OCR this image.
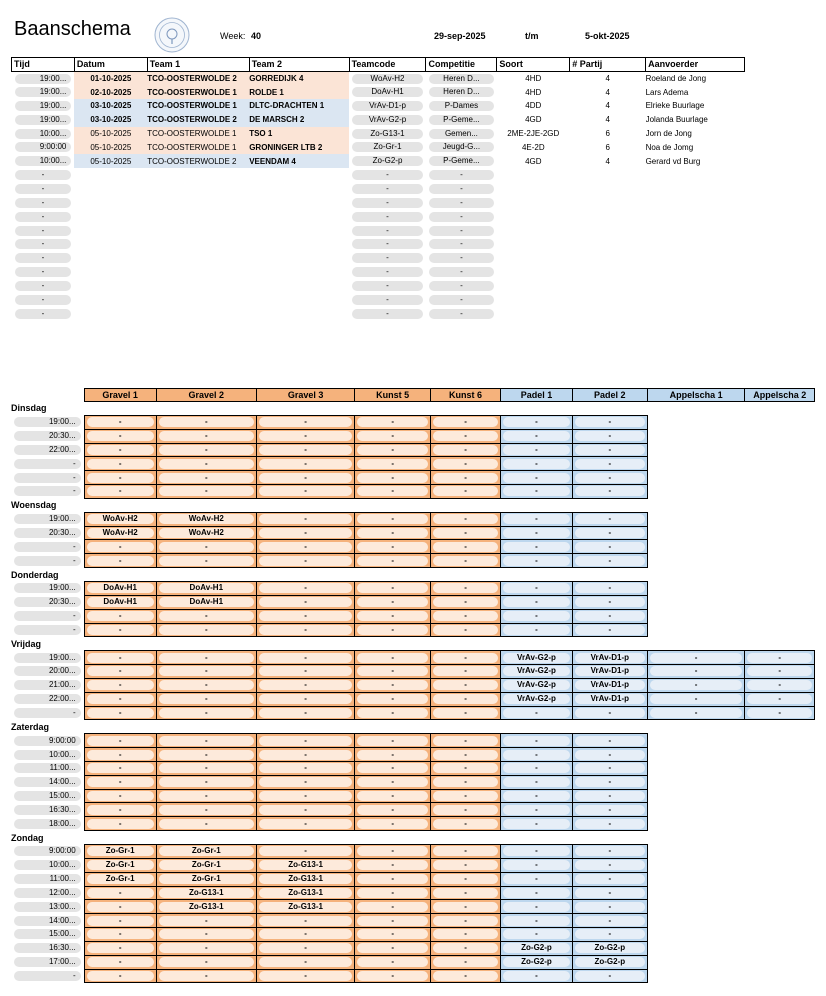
Baanschema	Week: 40	29-sep-2025	t/m	5-okt-2025
Tijd	Datum	Team 1	Team 2	Teamcode	Competitie	Soort	# Partij	Aanvoerder

19:00...	01-10-2025	TCO-OOSTERWOLDE 2	GORREDIJK 4	WoAv-H2	Heren D...	4HD	4	Roeland de Jong

19:00...	02-10-2025	TCO-OOSTERWOLDE 1	ROLDE 1	DoAv-H1	Heren D...	4HD	4	Lars Adema

19:00...	03-10-2025	TCO-OOSTERWOLDE 1	DLTC-DRACHTEN 1	VrAv-D1-p	P-Dames	4DD	4	Elrieke Buurlage

19:00...	03-10-2025	TCO-OOSTERWOLDE 2	DE MARSCH 2	VrAv-G2-p	P-Geme...	4GD	4	Jolanda Buurlage

10:00...	05-10-2025	TCO-OOSTERWOLDE 1	TSO 1	Zo-G13-1	Gemen...	2ME-2JE-2GD	6	Jorn de Jong

9:00:00	05-10-2025	TCO-OOSTERWOLDE 1	GRONINGER LTB 2	Zo-Gr-1	Jeugd-G...	4E-2D	6	Noa de Jomg

10:00...	05-10-2025	TCO-OOSTERWOLDE 2	VEENDAM 4	Zo-G2-p	P-Geme...	4GD	4	Gerard vd Burg

-				-	-			

-				-	-			

-				-	-			

-				-	-			

-				-	-			

-				-	-			

-				-	-			

-				-	-			

-				-	-			

-				-	-			

-				-	-			

	Gravel 1	Gravel 2	Gravel 3	Kunst 5	Kunst 6	Padel 1	Padel 2	Appelscha 1	Appelscha 2
Dinsdag									

19:00...	-	-	-	-	-	-	-		

20:30...	-	-	-	-	-	-	-		

22:00...	-	-	-	-	-	-	-		

-	-	-	-	-	-	-	-		

-	-	-	-	-	-	-	-		

-	-	-	-	-	-	-	-		

Woensdag									

19:00...	WoAv-H2	WoAv-H2	-	-	-	-	-		

20:30...	WoAv-H2	WoAv-H2	-	-	-	-	-		

-	-	-	-	-	-	-	-		

-	-	-	-	-	-	-	-		

Donderdag									

19:00...	DoAv-H1	DoAv-H1	-	-	-	-	-		

20:30...	DoAv-H1	DoAv-H1	-	-	-	-	-		

-	-	-	-	-	-	-	-		

-	-	-	-	-	-	-	-		

Vrijdag									

19:00...	-	-	-	-	-	VrAv-G2-p	VrAv-D1-p	-	-

20:00...	-	-	-	-	-	VrAv-G2-p	VrAv-D1-p	-	-

21:00...	-	-	-	-	-	VrAv-G2-p	VrAv-D1-p	-	-

22:00...	-	-	-	-	-	VrAv-G2-p	VrAv-D1-p	-	-

-	-	-	-	-	-	-	-	-	-

Zaterdag									

9:00:00	-	-	-	-	-	-	-		

10:00...	-	-	-	-	-	-	-		

11:00...	-	-	-	-	-	-	-		

14:00...	-	-	-	-	-	-	-		

15:00...	-	-	-	-	-	-	-		

16:30...	-	-	-	-	-	-	-		

18:00...	-	-	-	-	-	-	-		

Zondag									

9:00:00	Zo-Gr-1	Zo-Gr-1	-	-	-	-	-		

10:00...	Zo-Gr-1	Zo-Gr-1	Zo-G13-1	-	-	-	-		

11:00...	Zo-Gr-1	Zo-Gr-1	Zo-G13-1	-	-	-	-		

12:00...	-	Zo-G13-1	Zo-G13-1	-	-	-	-		

13:00...	-	Zo-G13-1	Zo-G13-1	-	-	-	-		

14:00...	-	-	-	-	-	-	-		

15:00...	-	-	-	-	-	-	-		

16:30...	-	-	-	-	-	Zo-G2-p	Zo-G2-p		

17:00...	-	-	-	-	-	Zo-G2-p	Zo-G2-p		

-	-	-	-	-	-	-	-		
